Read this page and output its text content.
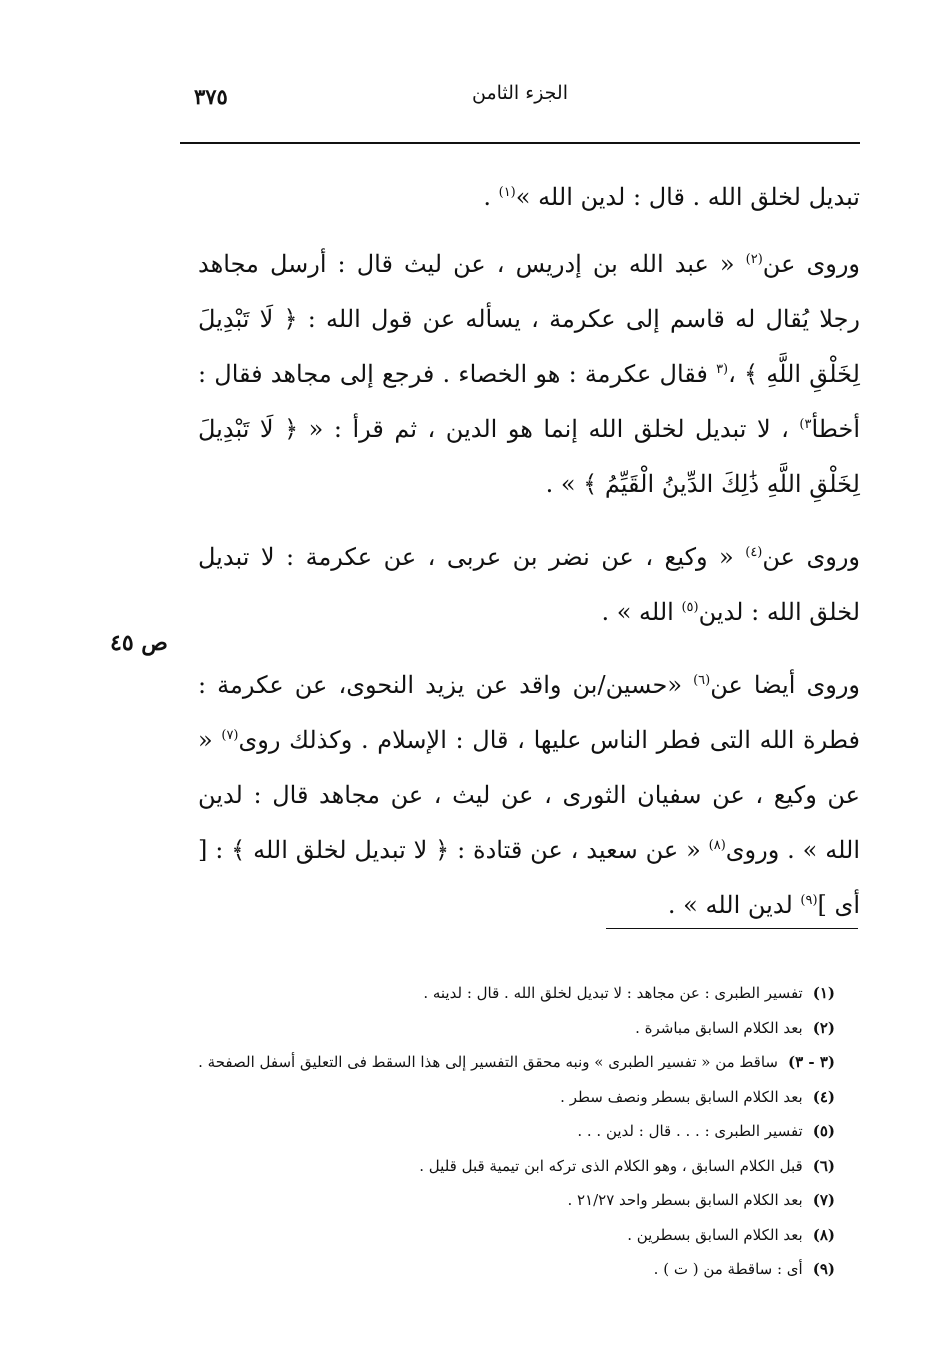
الجزء الثامن
٣٧٥

تبديل لخلق الله . قال : لدين الله »$^{(١)}$ .

وروى عن$^{(٢)}$ « عبد الله بن إدريس ، عن ليث قال : أرسل مجاهد رجلا يُقال له قاسم إلى عكرمة ، يسأله عن قول الله : ﴿ لَا تَبْدِيلَ لِخَلْقِ اللَّهِ ﴾ ،$^{(٣}$ فقال عكرمة : هو الخصاء . فرجع إلى مجاهد فقال : أخطأ$^{٣)}$ ، لا تبديل لخلق الله إنما هو الدين ، ثم قرأ : « ﴿ لَا تَبْدِيلَ لِخَلْقِ اللَّهِ ذَٰلِكَ الدِّينُ الْقَيِّمُ ﴾ » .

وروى عن$^{(٤)}$ « وكيع ، عن نضر بن عربى ، عن عكرمة : لا تبديل لخلق الله : لدين$^{(٥)}$ الله » .

وروى أيضا عن$^{(٦)}$ «حسين/بن واقد عن يزيد النحوى، عن عكرمة : فطرة الله التى فطر الناس عليها ، قال : الإسلام . وكذلك روى$^{(٧)}$ « عن وكيع ، عن سفيان الثورى ، عن ليث ، عن مجاهد قال : لدين الله » . وروى$^{(٨)}$ « عن سعيد ، عن قتادة : ﴿ لا تبديل لخلق الله ﴾ : [ أى ]$^{(٩)}$ لدين الله » .

ص ٤٥
(١)تفسير الطبرى : عن مجاهد : لا تبديل لخلق الله . قال : لدينه .
(٢)بعد الكلام السابق مباشرة .
(٣ - ٣)ساقط من « تفسير الطبرى » ونبه محقق التفسير إلى هذا السقط فى التعليق أسفل الصفحة .
(٤)بعد الكلام السابق بسطر ونصف سطر .
(٥)تفسير الطبرى : . . . قال : لدين . . .
(٦)قبل الكلام السابق ، وهو الكلام الذى تركه ابن تيمية قبل قليل .
(٧)بعد الكلام السابق بسطر واحد ٢١/٢٧ .
(٨)بعد الكلام السابق بسطرين .
(٩)أى : ساقطة من ( ت ) .
